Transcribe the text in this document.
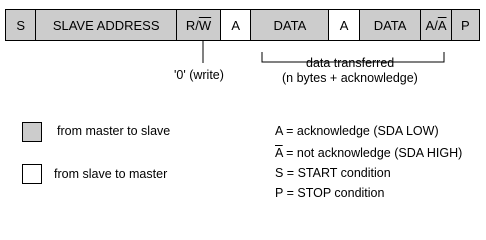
S SLAVE ADDRESS R/ $\overline{W}$ A	DATA	A DATA A/ $\overline{A}$ P
'0' (write)
data transferred
(n bytes + acknowledge)
from master to slave
from slave to master
A = acknowledge (SDA LOW)
$\overline{A}$ = not acknowledge (SDA HIGH)
S = START condition
P = STOP condition
